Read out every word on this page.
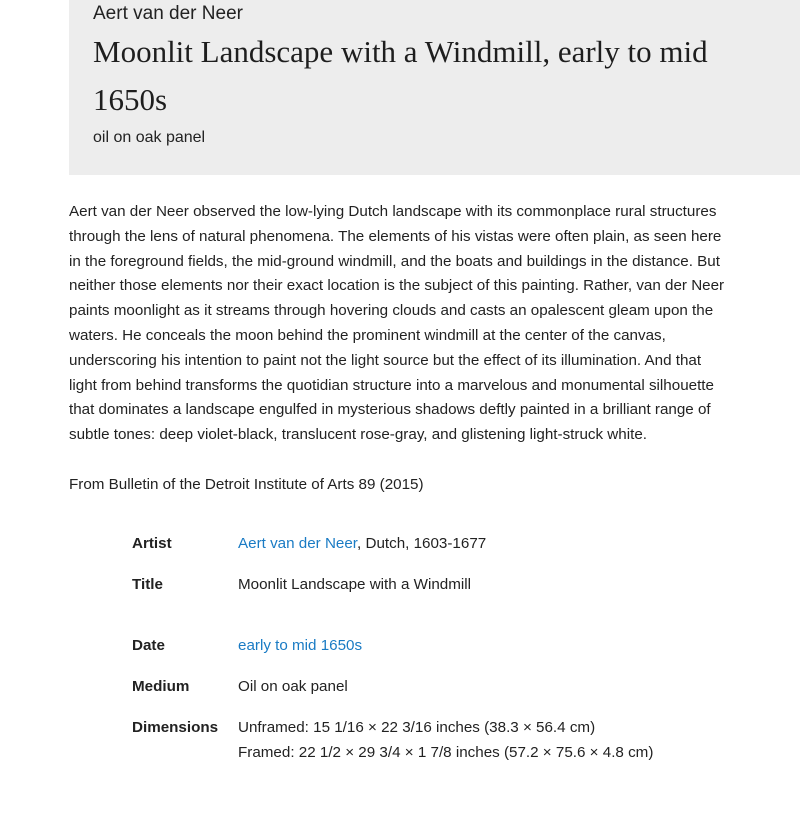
Aert van der Neer
Moonlit Landscape with a Windmill, early to mid 1650s
oil on oak panel

Aert van der Neer observed the low-lying Dutch landscape with its commonplace rural structures through the lens of natural phenomena. The elements of his vistas were often plain, as seen here in the foreground fields, the mid-ground windmill, and the boats and buildings in the distance. But neither those elements nor their exact location is the subject of this painting. Rather, van der Neer paints moonlight as it streams through hovering clouds and casts an opalescent gleam upon the waters. He conceals the moon behind the prominent windmill at the center of the canvas, underscoring his intention to paint not the light source but the effect of its illumination. And that light from behind transforms the quotidian structure into a marvelous and monumental silhouette that dominates a landscape engulfed in mysterious shadows deftly painted in a brilliant range of subtle tones: deep violet-black, translucent rose-gray, and glistening light-struck white.

From Bulletin of the Detroit Institute of Arts 89 (2015)
Artist	Aert van der Neer, Dutch, 1603-1677
Title	Moonlit Landscape with a Windmill
Date	early to mid 1650s
Medium	Oil on oak panel
Dimensions Unframed: 15 1/16 × 22 3/16 inches (38.3 × 56.4 cm)
Framed: 22 1/2 × 29 3/4 × 1 7/8 inches (57.2 × 75.6 × 4.8 cm)
